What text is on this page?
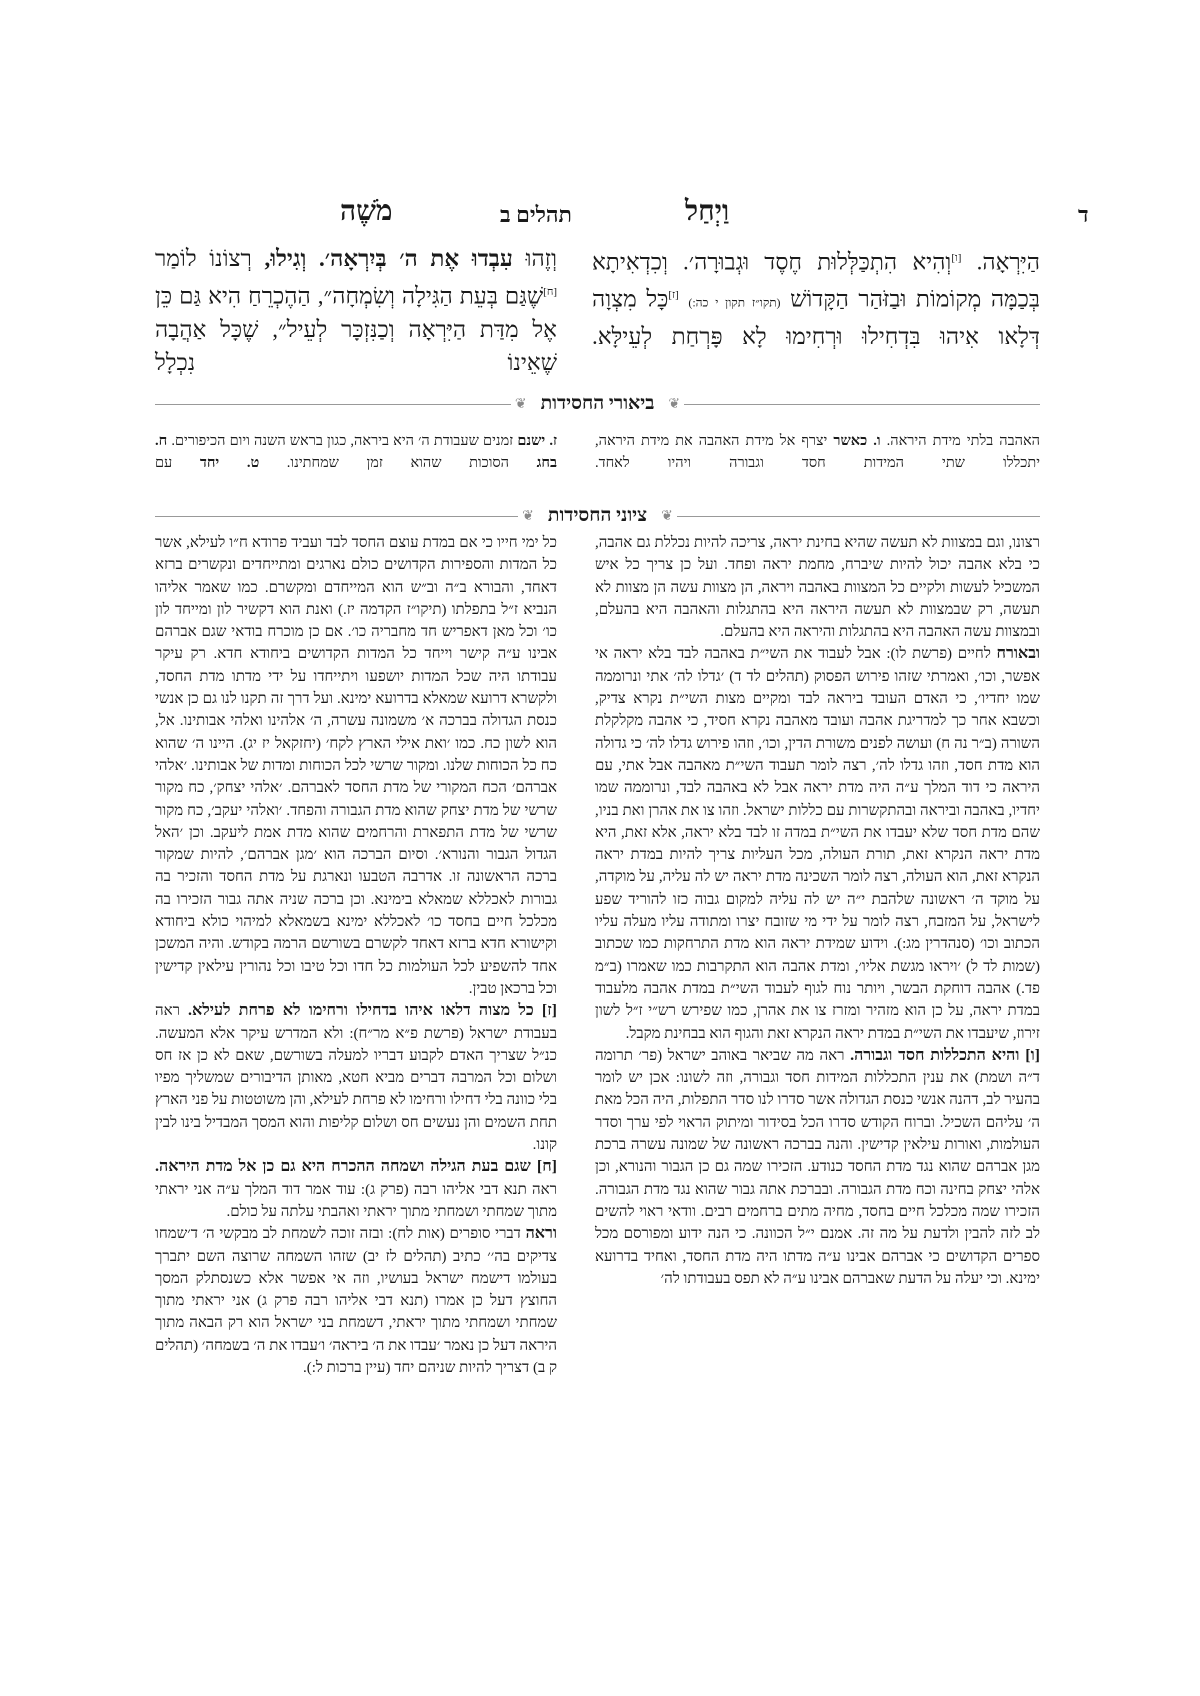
ד
וַיְחַל
תהלים ב
מֹשֶׁה
הַיִּרְאָה. [ו]וְהִיא הִתְכַּלְּלוּת חֶסֶד וּגְבוּרָה׳. וְכִדְאִיתָא בְּכַמָּה מְקוֹמוֹת וּבַזֹּהַר הַקָּדוֹשׁ (תקו״ז תקון י כה:) [ז]כָּל מִצְוָה דְּלָאו אִיהוּ בִּדְחִילוּ וּרְחִימוּ לָא פָּרְחַת לְעֵילָּא.
וְזֶהוּ עִבְדוּ אֶת ה׳ בְּיִרְאָה׳. וְגִילוּ, רְצוֹנוֹ לוֹמַר [ח]שֶׁגַּם בְּעֵת הַגִּילָה וְשִׂמְחָה״, הַהֶכְרֵחַ הִיא גַּם כֵּן אֶל מִדַּת הַיִּרְאָה וְכַנִּזְכָּר לְעֵיל״, שֶׁכָּל אַהֲבָה שֶׁאֵינוֹ נִכְלָל
❦
ביאורי החסידות
❦
האהבה בלתי מידת היראה. ו. כאשר יצרף אל מידת האהבה את מידת היראה, יתכללו שתי המידות חסד וגבורה ויהיו לאחד.
ז. ישנם זמנים שעבודת ה׳ היא ביראה, כגון בראש השנה ויום הכיפורים. ח. בחג הסוכות שהוא זמן שמחתינו. ט. יחד עם
❦
ציוני החסידות
❦

רצונו, וגם במצוות לא תעשה שהיא בחינת יראה, צריכה להיות נכללת גם אהבה, כי בלא אהבה יכול להיות שיברח, מחמת יראה ופחד. ועל כן צריך כל איש המשכיל לעשות ולקיים כל המצוות באהבה ויראה, הן מצוות עשה הן מצוות לא תעשה, רק שבמצוות לא תעשה היראה היא בהתגלות והאהבה היא בהעלם, ובמצוות עשה האהבה היא בהתגלות והיראה היא בהעלם.

ובאורח לחיים (פרשת לו): אבל לעבוד את השי״ת באהבה לבד בלא יראה אי אפשר, וכו׳, ואמרתי שזהו פירוש הפסוק (תהלים לד ד) ׳גדלו לה׳ אתי ונרוממה שמו יחדיו׳, כי האדם העובד ביראה לבד ומקיים מצות השי״ת נקרא צדיק, וכשבא אחר כך למדריגת אהבה ועובד מאהבה נקרא חסיד, כי אהבה מקלקלת השורה (ב״ר נה ח) ועושה לפנים משורת הדין, וכו׳, וזהו פירוש גדלו לה׳ כי גדולה הוא מדת חסד, וזהו גדלו לה׳, רצה לומר תעבוד השי״ת מאהבה אבל אתי, עם היראה כי דוד המלך ע״ה היה מדת יראה אבל לא באהבה לבד, ונרוממה שמו יחדיו, באהבה וביראה ובהתקשרות עם כללות ישראל. וזהו צו את אהרן ואת בניו, שהם מדת חסד שלא יעבדו את השי״ת במדה זו לבד בלא יראה, אלא זאת, היא מדת יראה הנקרא זאת, תורת העולה, מכל העליות צריך להיות במדת יראה הנקרא זאת, הוא העולה, רצה לומר השכינה מדת יראה יש לה עליה, על מוקדה, על מוקד ה׳ ראשונה שלהבת י״ה יש לה עליה למקום גבוה כזו להוריד שפע לישראל, על המזבח, רצה לומר על ידי מי שזובח יצרו ומתודה עליו מעלה עליו הכתוב וכו׳ (סנהדרין מג:). וידוע שמידת יראה הוא מדת התרחקות כמו שכתוב (שמות לד ל) ׳ויראו מגשת אליו׳, ומדת אהבה הוא התקרבות כמו שאמרו (ב״מ פד.) אהבה דוחקת הבשר, ויותר נוח לגוף לעבוד השי״ת במדת אהבה מלעבוד במדת יראה, על כן הוא מזהיר ומזרז צו את אהרן, כמו שפירש רש״י ז״ל לשון זירוז, שיעבדו את השי״ת במדת יראה הנקרא זאת והגוף הוא בבחינת מקבל.

[ו] והיא התכללות חסד וגבורה. ראה מה שביאר באוהב ישראל (פר׳ תרומה ד״ה ושמת) את ענין התכללות המידות חסד וגבורה, וזה לשונו: אכן יש לומר בהעיר לב, דהנה אנשי כנסת הגדולה אשר סדרו לנו סדר התפלות, היה הכל מאת ה׳ עליהם השכיל. וברוח הקודש סדרו הכל בסידור ומיתוק הראוי לפי ערך וסדר העולמות, ואורות עילאין קדישין. והנה בברכה ראשונה של שמונה עשרה ברכת מגן אברהם שהוא נגד מדת החסד כנודע. הזכירו שמה גם כן הגבור והנורא, וכן אלהי יצחק בחינה וכח מדת הגבורה. ובברכת אתה גבור שהוא נגד מדת הגבורה. הזכירו שמה מכלכל חיים בחסד, מחיה מתים ברחמים רבים. וודאי ראוי להשים לב לזה להבין ולדעת על מה זה. אמנם י״ל הכוונה. כי הנה ידוע ומפורסם מכל ספרים הקדושים כי אברהם אבינו ע״ה מדתו היה מדת החסד, ואחיד בדרועא ימינא. וכי יעלה על הדעת שאברהם אבינו ע״ה לא תפס בעבודתו לה׳

כל ימי חייו כי אם במדת עוצם החסד לבד ועביד פרודא ח״ו לעילא, אשר כל המדות והספירות הקדושים כולם נארגים ומתייחדים ונקשרים ברזא דאחד, והבורא ב״ה וב״ש הוא המייחדם ומקשרם. כמו שאמר אליהו הנביא ז״ל בתפלתו (תיקו״ז הקדמה יז.) ואנת הוא דקשיר לון ומייחד לון כו׳ וכל מאן דאפריש חד מחבריה כו׳. אם כן מוכרח בודאי שגם אברהם אבינו ע״ה קישר וייחד כל המדות הקדושים ביחודא חדא. רק עיקר עבודתו היה שכל המדות יושפעו ויתייחדו על ידי מדתו מדת החסד, ולקשרא דרועא שמאלא בדרועא ימינא. ועל דרך זה תקנו לנו גם כן אנשי כנסת הגדולה בברכה א׳ משמונה עשרה, ה׳ אלהינו ואלהי אבותינו. אל, הוא לשון כח. כמו ׳ואת אילי הארץ לקח׳ (יחזקאל יז יג). היינו ה׳ שהוא כח כל הכוחות שלנו. ומקור שרשי לכל הכוחות ומדות של אבותינו. ׳אלהי אברהם׳ הכח המקורי של מדת החסד לאברהם. ׳אלהי יצחק׳, כח מקור שרשי של מדת יצחק שהוא מדת הגבורה והפחד. ׳ואלהי יעקב׳, כח מקור שרשי של מדת התפארת והרחמים שהוא מדת אמת ליעקב. וכן ׳האל הגדול הגבור והנורא׳. וסיום הברכה הוא ׳מגן אברהם׳, להיות שמקור ברכה הראשונה זו. אדרבה הטבעו ונארגת על מדת החסד והזכיר בה גבורות לאכללא שמאלא בימינא. וכן ברכה שניה אתה גבור הזכירו בה מכלכל חיים בחסד כו׳ לאכללא ימינא בשמאלא למיהוי כולא ביחודא וקישורא חדא ברזא דאחד לקשרם בשורשם הרמה בקודש. והיה המשכן אחד להשפיע לכל העולמות כל חדו וכל טיבו וכל נהורין עילאין קדישין וכל ברכאן טבין.

[ז] כל מצוה דלאו איהו בדחילו ורחימו לא פרחת לעילא. ראה בעבודת ישראל (פרשת פ״א מר״ח): ולא המדרש עיקר אלא המעשה. כנ״ל שצריך האדם לקבוע דבריו למעלה בשורשם, שאם לא כן אז חס ושלום וכל המרבה דברים מביא חטא, מאותן הדיבורים שמשליך מפיו בלי כוונה בלי דחילו ורחימו לא פרחת לעילא, והן משוטטות על פני הארץ תחת השמים והן נעשים חס ושלום קליפות והוא המסך המבדיל בינו לבין קונו.

[ח] שגם בעת הגילה ושמחה ההכרח היא גם כן אל מדת היראה. ראה תנא דבי אליהו רבה (פרק ג): עוד אמר דוד המלך ע״ה אני יראתי מתוך שמחתי ושמחתי מתוך יראתי ואהבתי עלתה על כולם.

וראה דברי סופרים (אות לח): ובזה זוכה לשמחת לב מבקשי ה׳ ד׳שמחו צדיקים בה׳׳ כתיב (תהלים לז יב) שזהו השמחה שרוצה השם יתברך בעולמו דישמח ישראל בעושיו, וזה אי אפשר אלא כשנסתלק המסך החוצץ דעל כן אמרו (תנא דבי אליהו רבה פרק ג) אני יראתי מתוך שמחתי ושמחתי מתוך יראתי, דשמחת בני ישראל הוא רק הבאה מתוך היראה דעל כן נאמר ׳עבדו את ה׳ ביראה׳ ו׳עבדו את ה׳ בשמחה׳ (תהלים ק ב) דצריך להיות שניהם יחד (עיין ברכות ל:).
